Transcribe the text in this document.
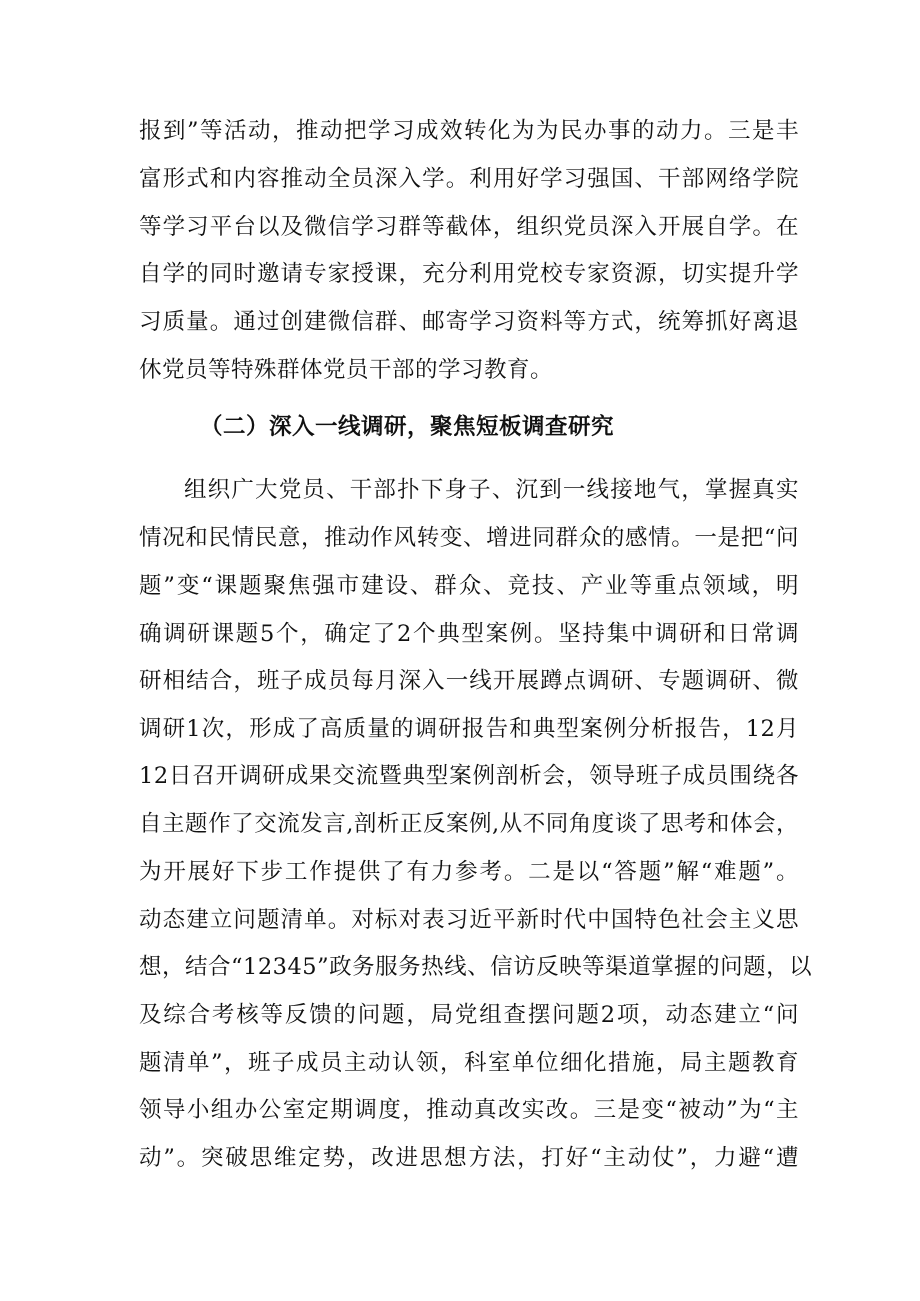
报到”等活动，推动把学习成效转化为为民办事的动力。三是丰
富形式和内容推动全员深入学。利用好学习强国、干部网络学院
等学习平台以及微信学习群等截体，组织党员深入开展自学。在
自学的同时邀请专家授课，充分利用党校专家资源，切实提升学
习质量。通过创建微信群、邮寄学习资料等方式，统筹抓好离退
休党员等特殊群体党员干部的学习教育。
（二）深入一线调研，聚焦短板调查研究
组织广大党员、干部扑下身子、沉到一线接地气，掌握真实
情况和民情民意，推动作风转变、增进同群众的感情。一是把“问
题”变“课题聚焦强市建设、群众、竞技、产业等重点领域，明
确调研课题5个，确定了2个典型案例。坚持集中调研和日常调
研相结合，班子成员每月深入一线开展蹲点调研、专题调研、微
调研1次，形成了高质量的调研报告和典型案例分析报告，12月
12日召开调研成果交流暨典型案例剖析会，领导班子成员围绕各
自主题作了交流发言,剖析正反案例,从不同角度谈了思考和体会，
为开展好下步工作提供了有力参考。二是以“答题”解“难题”。
动态建立问题清单。对标对表习近平新时代中国特色社会主义思
想，结合“12345”政务服务热线、信访反映等渠道掌握的问题，以
及综合考核等反馈的问题，局党组查摆问题2项，动态建立“问
题清单”，班子成员主动认领，科室单位细化措施，局主题教育
领导小组办公室定期调度，推动真改实改。三是变“被动”为“主
动”。突破思维定势，改进思想方法，打好“主动仗”，力避“遭
